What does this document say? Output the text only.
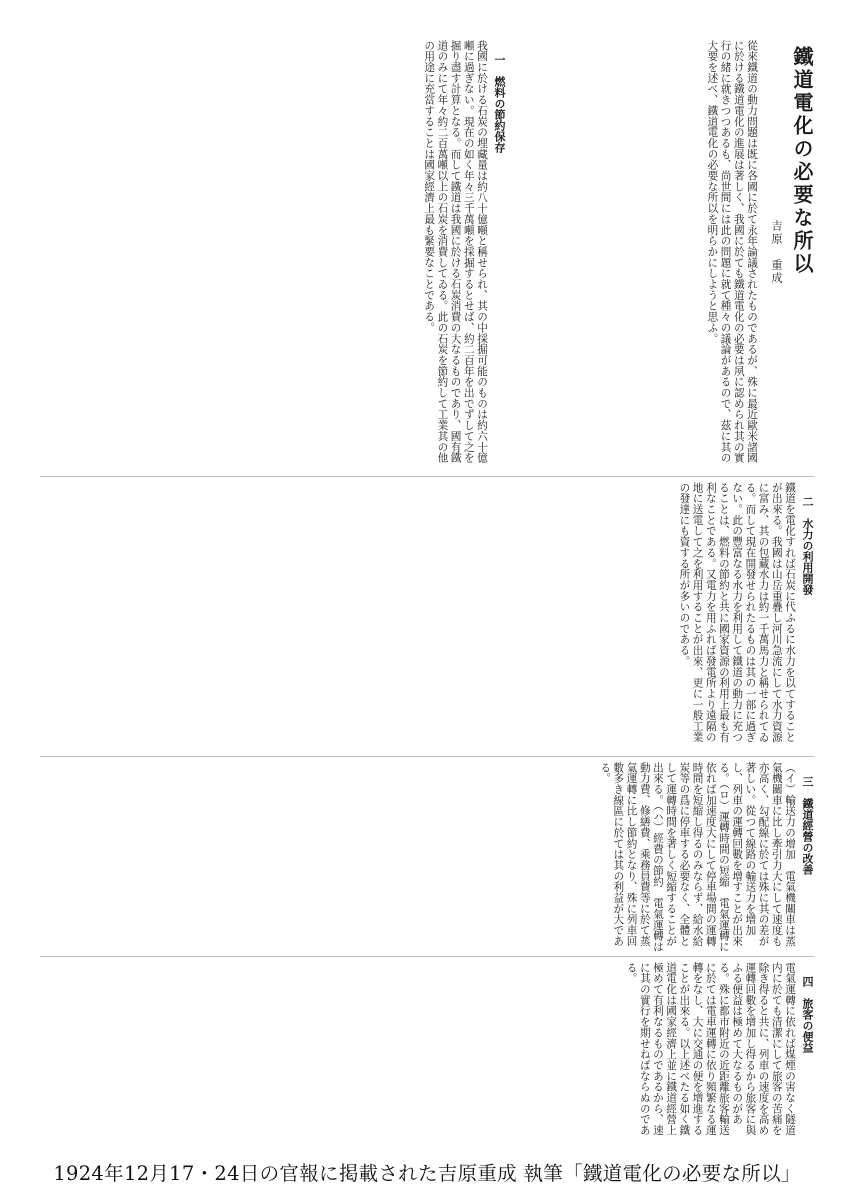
鐵道電化の必要な所以
吉原　重成
從來鐵道の動力問題は既に各國に於て永年論議されたものであるが、殊に最近歐米諸國に於ける鐵道電化の進展は著しく、我國に於ても鐵道電化の必要は夙に認められ其の實行の緒に就きつつあるも、尚世間には此の問題に就て種々の議論があるので、茲に其の大要を述べ、鐵道電化の必要な所以を明らかにしようと思ふ。
一　燃料の節約保存
我國に於ける石炭の埋藏量は約八十億噸と稱せられ、其の中採掘可能のものは約六十億噸に過ぎない。現在の如く年々三千萬噸を採掘するとせば、約二百年を出でずして之を掘り盡す計算となる。而して鐵道は我國に於ける石炭消費の大なるものであり、國有鐵道のみにて年々約二百萬噸以上の石炭を消費してゐる。此の石炭を節約して工業其の他の用途に充當することは國家經濟上最も緊要なことである。
二　水力の利用開發
鐵道を電化すれば石炭に代ふるに水力を以てすることが出來る。我國は山岳重疊し河川急流にして水力資源に富み、其の包藏水力は約一千萬馬力と稱せられてゐる。而して現在開發せられたるものは其の一部に過ぎない。此の豐富なる水力を利用して鐵道の動力に充つることは、燃料の節約と共に國家資源の利用上最も有利なことである。又電力を用ふれば發電所より遠隔の地に送電して之を利用することが出來、更に一般工業の發達にも資する所が多いのである。
三　鐵道經營の改善
（イ）輸送力の增加　電氣機關車は蒸氣機關車に比し牽引力大にして速度も亦高く、勾配線に於ては殊に其の差が著しい。從つて線路の輸送力を增加し、列車の運轉回數を增すことが出來る。（ロ）運轉時間の短縮　電氣運轉に依れば加速度大にして停車場間の運轉時間を短縮し得るのみならず、給水給炭等の爲に停車する必要なく、全體として運轉時間を著しく短縮することが出來る。（ハ）經費の節約　電氣運轉は動力費、修繕費、乘務員費等に於て蒸氣運轉に比し節約となり、殊に列車回數多き線區に於ては其の利益が大である。
四　旅客の便益
電氣運轉に依れば煤煙の害なく隧道内に於ても清潔にして旅客の苦痛を除き得ると共に、列車の速度を高め運轉回數を增加し得るから旅客に與ふる便益は極めて大なるものがある。殊に都市附近の近距離旅客輸送に於ては電車運轉に依り頻繁なる運轉をなし、大に交通の便を增進することが出來る。以上述べたる如く鐵道電化は國家經濟上並に鐵道經營上極めて有利なるものであるから、速に其の實行を期せねばならぬのである。
1924年12月17・24日の官報に掲載された吉原重成 執筆「鐵道電化の必要な所以」
